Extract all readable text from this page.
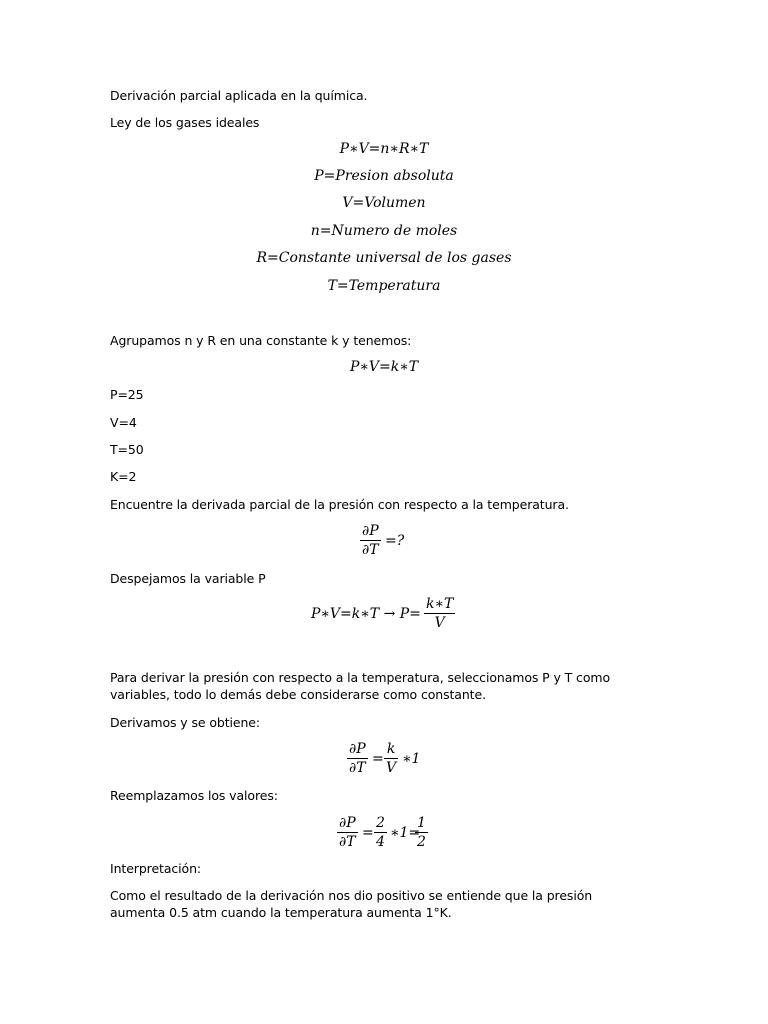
Derivación parcial aplicada en la química.
Ley de los gases ideales
P∗V=n∗R∗T
P=Presion absoluta
V=Volumen
n=Numero de moles
R=Constante universal de los gases
T=Temperatura
Agrupamos n y R en una constante k y tenemos:
P∗V=k∗T
P=25
V=4
T=50
K=2
Encuentre la derivada parcial de la presión con respecto a la temperatura.
∂P
∂T
=?
Despejamos la variable P
P∗V=k∗T → P=
k∗T
V
Para derivar la presión con respecto a la temperatura, seleccionamos P y T como variables, todo lo demás debe considerarse como constante.
Derivamos y se obtiene:
∂P
∂T
=
k
V
∗1
Reemplazamos los valores:
∂P
∂T
=
2
4
∗1=
1
2
Interpretación:
Como el resultado de la derivación nos dio positivo se entiende que la presión aumenta 0.5 atm cuando la temperatura aumenta 1°K.
